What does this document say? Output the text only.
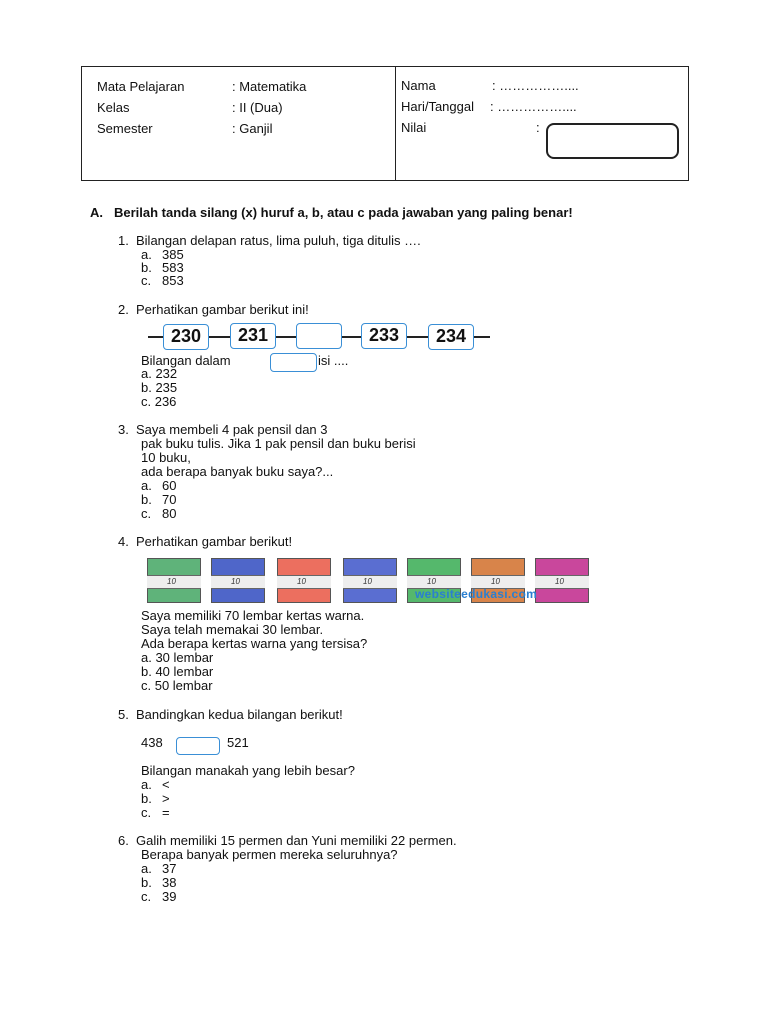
Mata Pelajaran	: Matematika
Kelas	: II (Dua)
Semester	: Ganjil
Nama	: ……………....
Hari/Tanggal : ……………....
Nilai	:
A. Berilah tanda silang (x) huruf a, b, atau c pada jawaban yang paling benar!
1. Bilangan delapan ratus, lima puluh, tiga ditulis ….
a. 385
b. 583
c. 853
2. Perhatikan gambar berikut ini!
230	231	233	234
Bilangan dalam	isi ....
a. 232
b. 235
c. 236
3. Saya membeli 4 pak pensil dan 3
pak buku tulis. Jika 1 pak pensil dan buku berisi
10 buku,
ada berapa banyak buku saya?...
a. 60
b. 70
c. 80
4. Perhatikan gambar berikut!
10	10	10	10	10	10	10
websiteedukasi.com
Saya memiliki 70 lembar kertas warna.
Saya telah memakai 30 lembar.
Ada berapa kertas warna yang tersisa?
a. 30 lembar
b. 40 lembar
c. 50 lembar
5. Bandingkan kedua bilangan berikut!
438	521
Bilangan manakah yang lebih besar?
a. <
b. >
c. =
6. Galih memiliki 15 permen dan Yuni memiliki 22 permen.
Berapa banyak permen mereka seluruhnya?
a. 37
b. 38
c. 39
